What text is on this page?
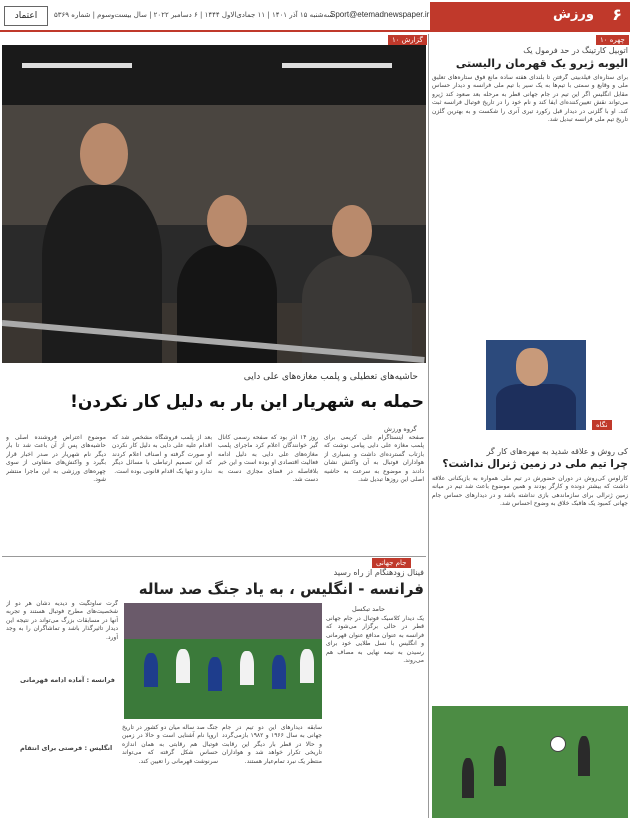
اعتماد	سه‌شنبه ۱۵ آذر ۱۴۰۱ | ۱۱ جمادی‌الاول ۱۴۴۴ | ۶ دسامبر ۲۰۲۲ | سال بیست‌وسوم | شماره ۵۳۶۹
Sport@etemadnewspaper.ir	ورزش ۶
گزارش ۱۰
حاشیه‌های تعطیلی و پلمب مغازه‌های علی دایی
حمله به شهریار این بار به دلیل کار نکردن!
گروه ورزش
صفحه اینستاگرام علی کریمی برای پلمب مغازه علی دایی پیامی نوشت که بازتاب گسترده‌ای داشت و بسیاری از هواداران فوتبال به آن واکنش نشان دادند و موضوع به سرعت به حاشیه اصلی این روزها تبدیل شد.
روز ۱۴ آذر بود که صفحه رسمی کانال گیر خوانندگان اعلام کرد ماجرای پلمب مغازه‌های علی دایی به دلیل ادامه فعالیت اقتصادی او بوده است و این خبر بلافاصله در فضای مجازی دست به دست شد.
بعد از پلمب فروشگاه مشخص شد که اقدام علیه علی دایی به دلیل کار نکردن او صورت گرفته و اصناف اعلام کردند که این تصمیم ارتباطی با مسائل دیگر ندارد و تنها یک اقدام قانونی بوده است.
موضوع اعتراض فروشنده اصلی و حاشیه‌های پس از آن باعث شد تا بار دیگر نام شهریار در صدر اخبار قرار بگیرد و واکنش‌های متفاوتی از سوی چهره‌های ورزشی به این ماجرا منتشر شود.
چهره ۱۰
اتوبیل کارتینگ در حد فرمول یک
الیوبه ژیرو یک قهرمان رالیستی
برای ستاره‌ای فیلدبیتی گرفتن تا بلندای هفته ساده مانع فوق ستاره‌های تعلیق ملی و وقایع و سمتی با تیم‌ها به یک سیر با تیم ملی فرانسه و دیدار حساس مقابل انگلیس اگر این تیم در جام جهانی قطر به مرحله بعد صعود کند ژیرو می‌تواند نقش تعیین‌کننده‌ای ایفا کند و نام خود را در تاریخ فوتبال فرانسه ثبت کند. او با گلزنی در دیدار قبل رکورد تیری آنری را شکست و به بهترین گلزن تاریخ تیم ملی فرانسه تبدیل شد.
نگاه
کی روش و علاقه شدید به مهره‌های کار گر
چرا تیم ملی در زمین ژنرال نداشت؟
کارلوس کی‌روش در دوران حضورش در تیم ملی همواره به بازیکنانی علاقه داشت که بیشتر دونده و کارگر بودند و همین موضوع باعث شد تیم در میانه زمین ژنرالی برای سازماندهی بازی نداشته باشد و در دیدارهای حساس جام جهانی کمبود یک هافبک خلاق به وضوح احساس شد.
جام جهانی
فینال زودهنگام از راه رسید
فرانسه - انگلیس ، به یاد جنگ صد ساله
حامد تبکسل
یک دیدار کلاسیک فوتبال در جام جهانی قطر در حالی برگزار می‌شود که فرانسه به عنوان مدافع عنوان قهرمانی و انگلیس با نسل طلایی خود برای رسیدن به نیمه نهایی به مصاف هم می‌روند.
سابقه دیدارهای این دو تیم در جام جهانی به سال ۱۹۶۶ و ۱۹۸۲ بازمی‌گردد و حالا در قطر بار دیگر این رقابت تاریخی تکرار خواهد شد و هواداران منتظر یک نبرد تمام‌عیار هستند.
جنگ صد ساله میان دو کشور در تاریخ اروپا نام آشنایی است و حالا در زمین فوتبال هم رقابتی به همان اندازه حساس شکل گرفته که می‌تواند سرنوشت قهرمانی را تعیین کند.
گرت ساوتگیت و دیدیه دشان هر دو از شخصیت‌های مطرح فوتبال هستند و تجربه آنها در مسابقات بزرگ می‌تواند در نتیجه این دیدار تاثیرگذار باشد و تماشاگران را به وجد آورد.
فرانسه : آماده ادامه قهرمانی
انگلیس : فرصتی برای انتقام
